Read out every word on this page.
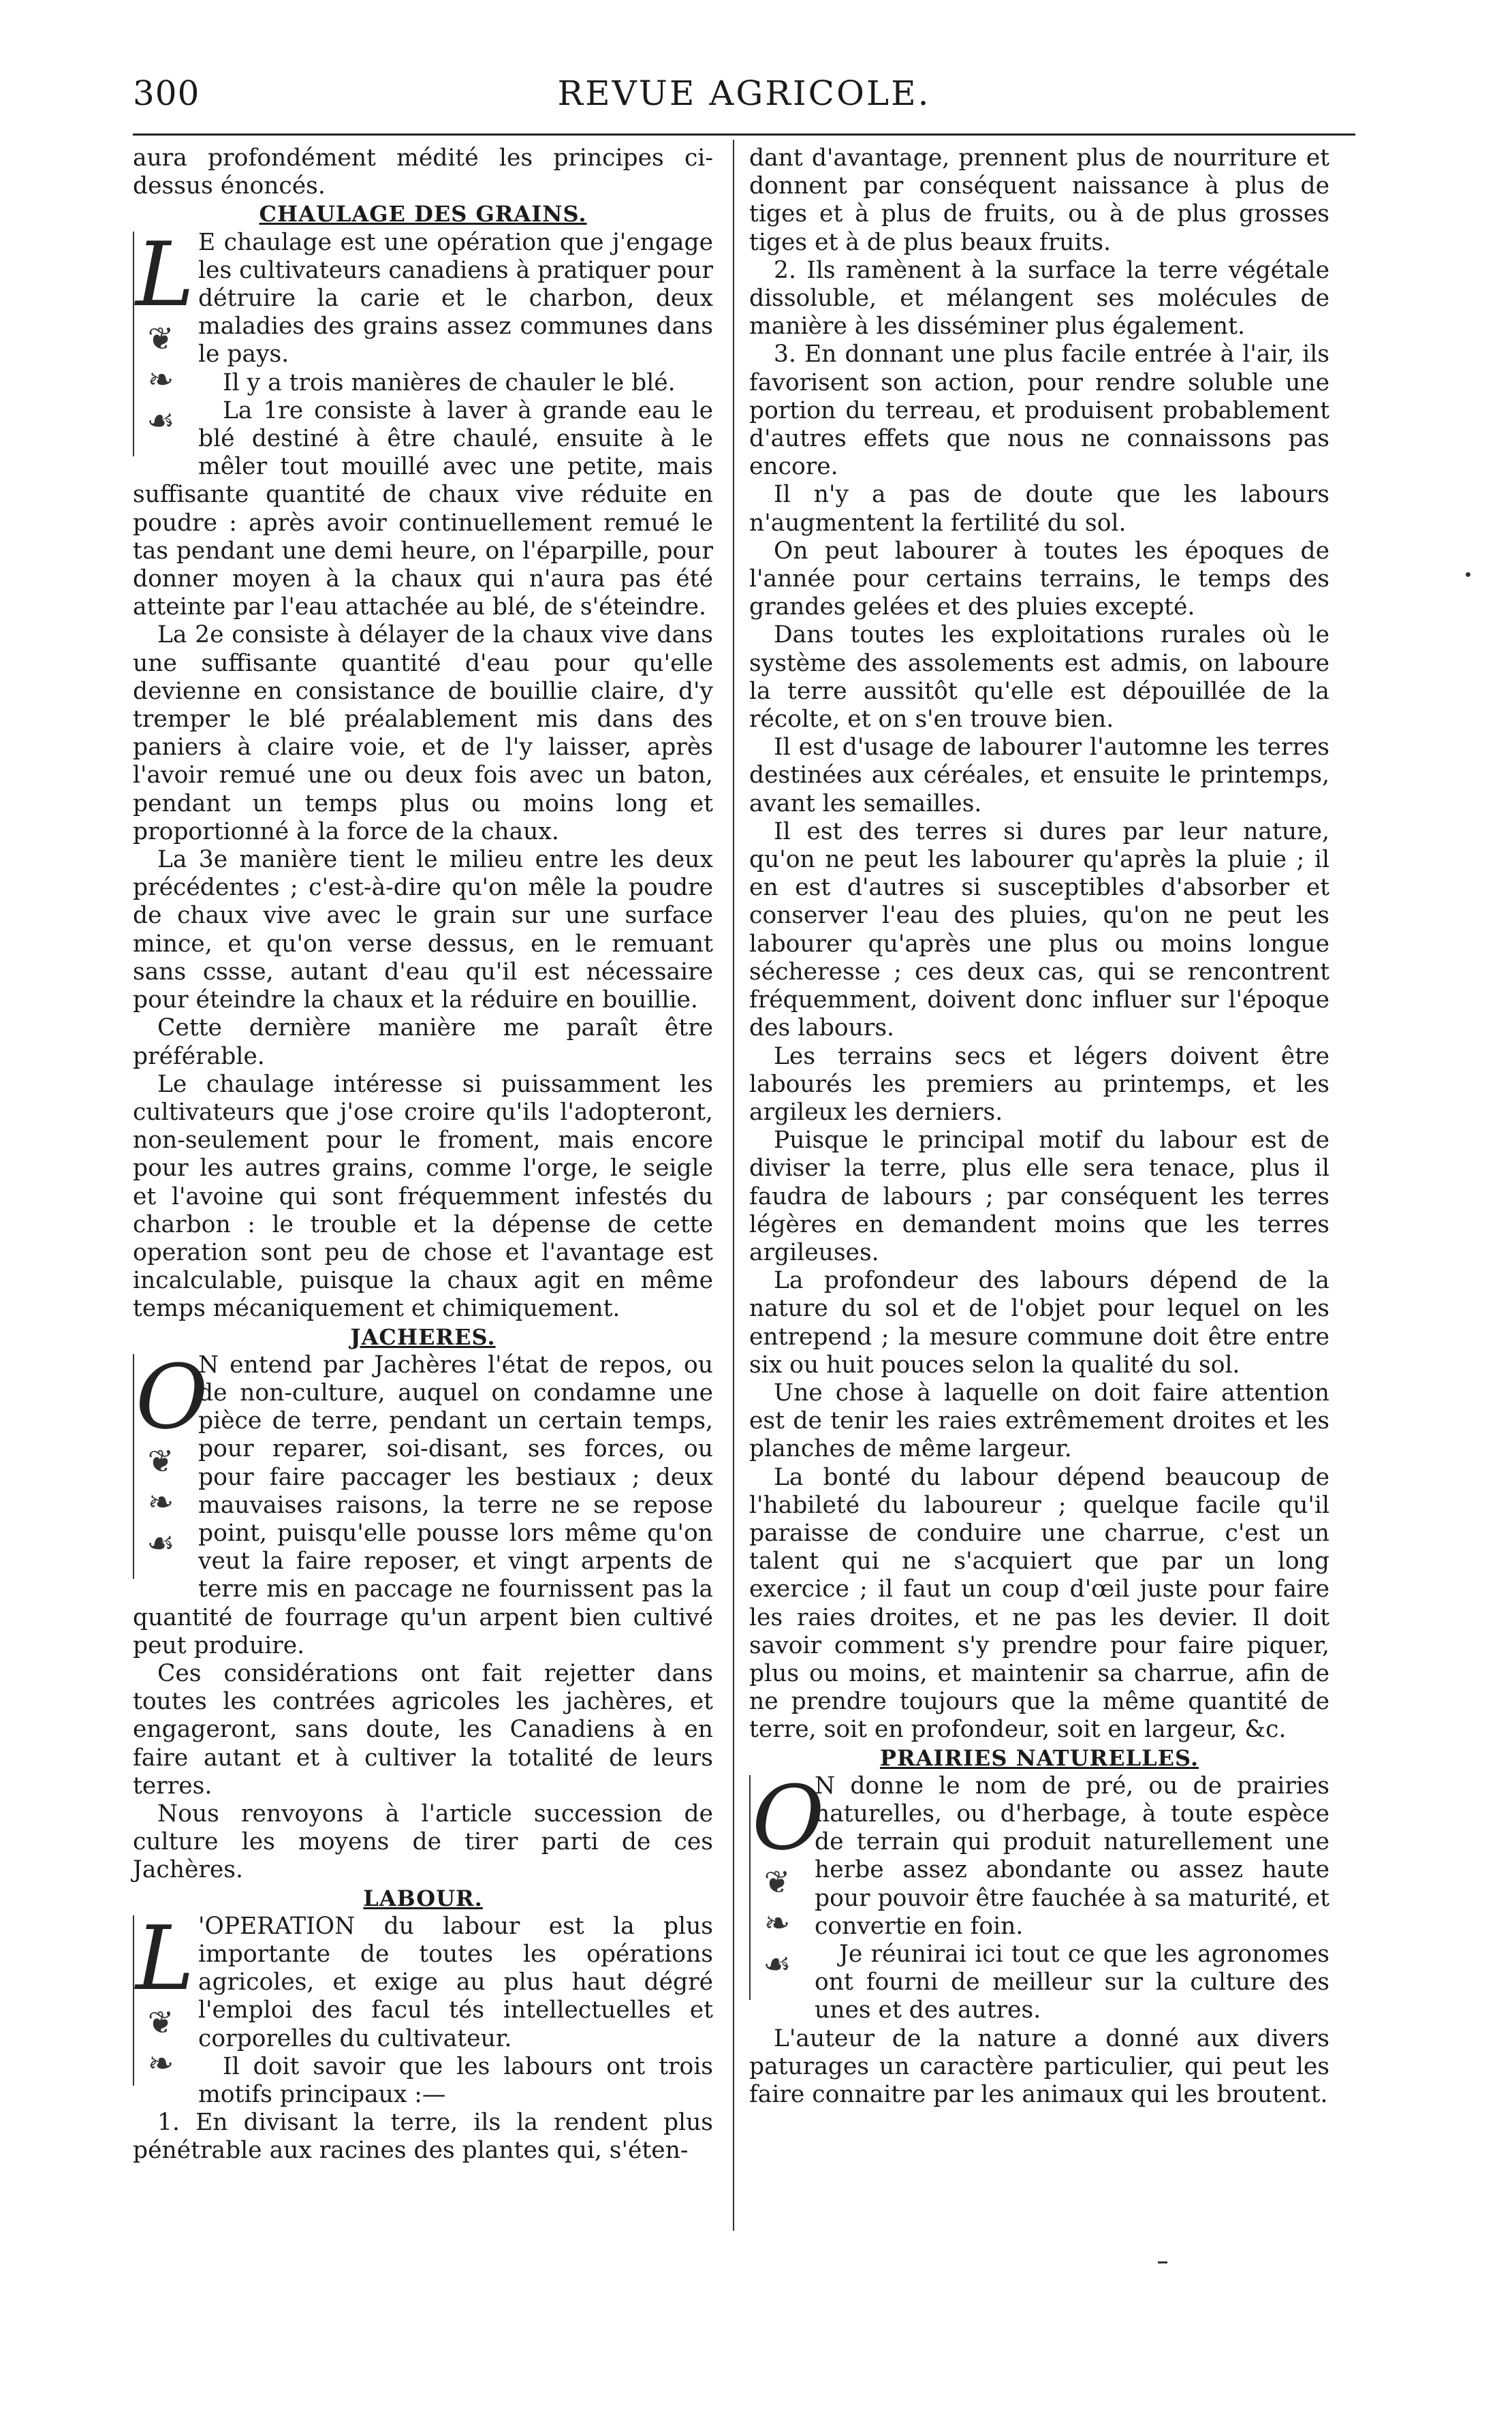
300	REVUE AGRICOLE.

aura profondément médité les principes ci-dessus énoncés.

CHAULAGE DES GRAINS.
L
❦
❧
☙

E chaulage est une opération que j'engage les cultivateurs canadiens à pratiquer pour détruire la carie et le charbon, deux maladies des grains assez communes dans le pays.

Il y a trois manières de chauler le blé.

La 1re consiste à laver à grande eau le blé destiné à être chaulé, ensuite à le mêler tout mouillé avec une petite, mais suffisante quantité de chaux vive réduite en poudre : après avoir continuellement remué le tas pendant une demi heure, on l'éparpille, pour donner moyen à la chaux qui n'aura pas été atteinte par l'eau attachée au blé, de s'éteindre.

La 2e consiste à délayer de la chaux vive dans une suffisante quantité d'eau pour qu'elle devienne en consistance de bouillie claire, d'y tremper le blé préalablement mis dans des paniers à claire voie, et de l'y laisser, après l'avoir remué une ou deux fois avec un baton, pendant un temps plus ou moins long et proportionné à la force de la chaux.

La 3e manière tient le milieu entre les deux précédentes ; c'est-à-dire qu'on mêle la poudre de chaux vive avec le grain sur une surface mince, et qu'on verse dessus, en le remuant sans cssse, autant d'eau qu'il est nécessaire pour éteindre la chaux et la réduire en bouillie.

Cette dernière manière me paraît être préférable.

Le chaulage intéresse si puissamment les cultivateurs que j'ose croire qu'ils l'adopteront, non-seulement pour le froment, mais encore pour les autres grains, comme l'orge, le seigle et l'avoine qui sont fréquemment infestés du charbon : le trouble et la dépense de cette operation sont peu de chose et l'avantage est incalculable, puisque la chaux agit en même temps mécaniquement et chimiquement.

JACHERES.
O
❦
❧
☙

N entend par Jachères l'état de repos, ou de non-culture, auquel on condamne une pièce de terre, pendant un certain temps, pour reparer, soi-disant, ses forces, ou pour faire paccager les bestiaux ; deux mauvaises raisons, la terre ne se repose point, puisqu'elle pousse lors même qu'on veut la faire reposer, et vingt arpents de terre mis en paccage ne fournissent pas la quantité de fourrage qu'un arpent bien cultivé peut produire.

Ces considérations ont fait rejetter dans toutes les contrées agricoles les jachères, et engageront, sans doute, les Canadiens à en faire autant et à cultiver la totalité de leurs terres.

Nous renvoyons à l'article succession de culture les moyens de tirer parti de ces Jachères.

LABOUR.
L
❦
❧

'OPERATION du labour est la plus importante de toutes les opérations agricoles, et exige au plus haut dégré l'emploi des facul tés intellectuelles et corporelles du cultivateur.

Il doit savoir que les labours ont trois motifs principaux :—

1. En divisant la terre, ils la rendent plus pénétrable aux racines des plantes qui, s'éten-

dant d'avantage, prennent plus de nourriture et donnent par conséquent naissance à plus de tiges et à plus de fruits, ou à de plus grosses tiges et à de plus beaux fruits.

2. Ils ramènent à la surface la terre végétale dissoluble, et mélangent ses molécules de manière à les disséminer plus également.

3. En donnant une plus facile entrée à l'air, ils favorisent son action, pour rendre soluble une portion du terreau, et produisent probablement d'autres effets que nous ne connaissons pas encore.

Il n'y a pas de doute que les labours n'augmentent la fertilité du sol.

On peut labourer à toutes les époques de l'année pour certains terrains, le temps des grandes gelées et des pluies excepté.

Dans toutes les exploitations rurales où le système des assolements est admis, on laboure la terre aussitôt qu'elle est dépouillée de la récolte, et on s'en trouve bien.

Il est d'usage de labourer l'automne les terres destinées aux céréales, et ensuite le printemps, avant les semailles.

Il est des terres si dures par leur nature, qu'on ne peut les labourer qu'après la pluie ; il en est d'autres si susceptibles d'absorber et conserver l'eau des pluies, qu'on ne peut les labourer qu'après une plus ou moins longue sécheresse ; ces deux cas, qui se rencontrent fréquemment, doivent donc influer sur l'époque des labours.

Les terrains secs et légers doivent être labourés les premiers au printemps, et les argileux les derniers.

Puisque le principal motif du labour est de diviser la terre, plus elle sera tenace, plus il faudra de labours ; par conséquent les terres légères en demandent moins que les terres argileuses.

La profondeur des labours dépend de la nature du sol et de l'objet pour lequel on les entrepend ; la mesure commune doit être entre six ou huit pouces selon la qualité du sol.

Une chose à laquelle on doit faire attention est de tenir les raies extrêmement droites et les planches de même largeur.

La bonté du labour dépend beaucoup de l'habileté du laboureur ; quelque facile qu'il paraisse de conduire une charrue, c'est un talent qui ne s'acquiert que par un long exercice ; il faut un coup d'œil juste pour faire les raies droites, et ne pas les devier. Il doit savoir comment s'y prendre pour faire piquer, plus ou moins, et maintenir sa charrue, afin de ne prendre toujours que la même quantité de terre, soit en profondeur, soit en largeur, &c.

PRAIRIES NATURELLES.
O
❦
❧
☙

N donne le nom de pré, ou de prairies naturelles, ou d'herbage, à toute espèce de terrain qui produit naturellement une herbe assez abondante ou assez haute pour pouvoir être fauchée à sa maturité, et convertie en foin.

Je réunirai ici tout ce que les agronomes ont fourni de meilleur sur la culture des unes et des autres.

L'auteur de la nature a donné aux divers paturages un caractère particulier, qui peut les faire connaitre par les animaux qui les broutent.
